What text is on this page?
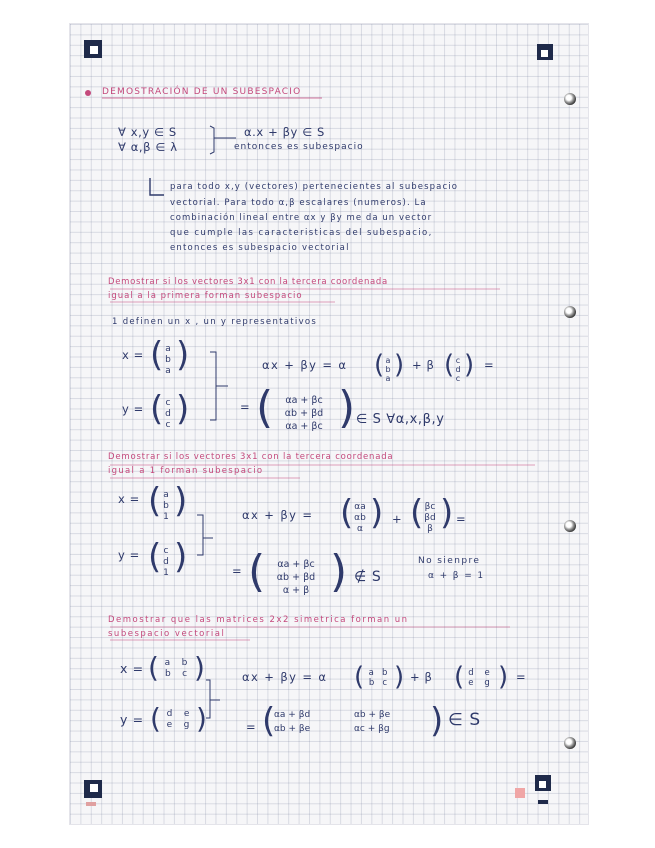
DEMOSTRACIÓN DE UN SUBESPACIO
∀ x,y ∈ S
∀ α,β ∈ λ
α.x + βy ∈ S
entonces es subespacio
para todo x,y (vectores) pertenecientes al subespacio
vectorial. Para todo α,β escalares (numeros). La
combinación lineal entre αx y βy me da un vector
que cumple las caracteristicas del subespacio,
entonces es subespacio vectorial
Demostrar si los vectores 3x1 con la tercera coordenada
igual a la primera forman subespacio
1 definen un x , un y representativos
x = ( a
b
a )
y = ( c
d
c )
αx + βy = α ( a
b
a ) + β ( c
d
c ) =
= (	αa + βc
αb + βd
αa + βc ) ∈ S ∀α,x,β,y
Demostrar si los vectores 3x1 con la tercera coordenada
igual a 1 forman subespacio
x = ( a
b
1 )
y = ( c
d
1 )
αx + βy = ( αa
αb
α ) + ( βc
βd
β ) =
= (	αa + βc
αb + βd
α + β ) ∉ S
No sienpre
α + β = 1
Demostrar que las matrices 2x2 simetrica forman un
subespacio vectorial
x = ( a b
b c )
y = ( d e
e g )
αx + βy = α ( a b
b c ) + β ( d e
e g ) =
= (
αa + βd	αb + βe
αb + βe	αc + βg	) ∈ S
